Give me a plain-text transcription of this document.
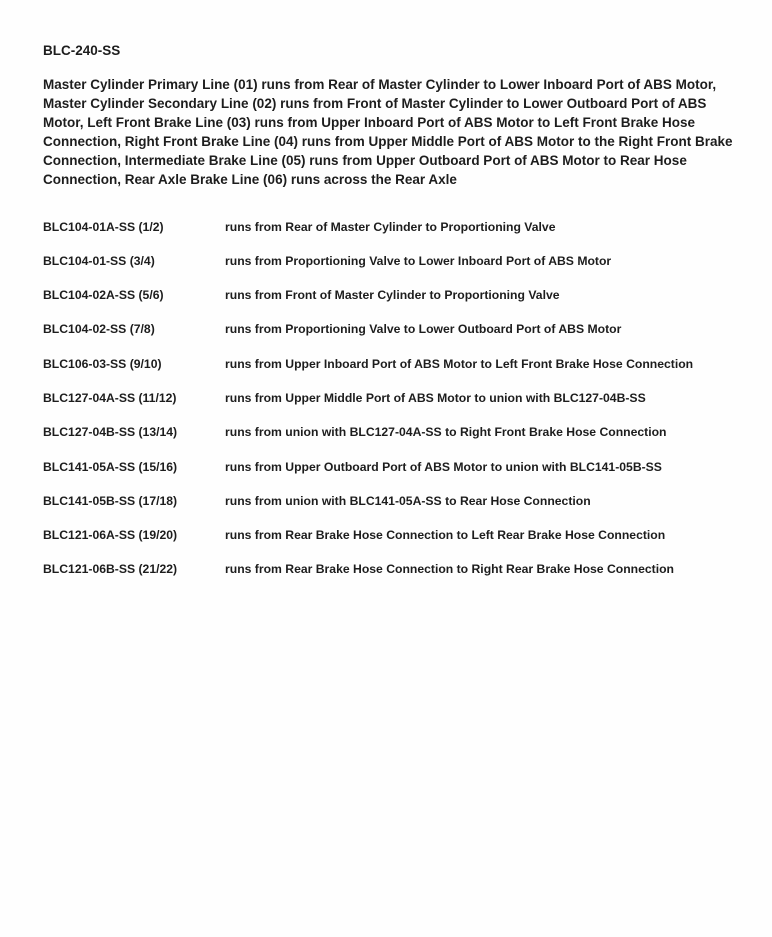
BLC-240-SS

Master Cylinder Primary Line (01) runs from Rear of Master Cylinder to Lower Inboard Port of ABS Motor, Master Cylinder Secondary Line (02) runs from Front of Master Cylinder to Lower Outboard Port of ABS Motor, Left Front Brake Line (03) runs from Upper Inboard Port of ABS Motor to Left Front Brake Hose Connection, Right Front Brake Line (04) runs from Upper Middle Port of ABS Motor to the Right Front Brake Connection, Intermediate Brake Line (05) runs from Upper Outboard Port of ABS Motor to Rear Hose Connection, Rear Axle Brake Line (06) runs across the Rear Axle

BLC104-01A-SS (1/2)	runs from Rear of Master Cylinder to Proportioning Valve
BLC104-01-SS (3/4)	runs from Proportioning Valve to Lower Inboard Port of ABS Motor
BLC104-02A-SS (5/6)	runs from Front of Master Cylinder to Proportioning Valve
BLC104-02-SS (7/8)	runs from Proportioning Valve to Lower Outboard Port of ABS Motor
BLC106-03-SS (9/10)	runs from Upper Inboard Port of ABS Motor to Left Front Brake Hose Connection
BLC127-04A-SS (11/12)	runs from Upper Middle Port of ABS Motor to union with BLC127-04B-SS
BLC127-04B-SS (13/14)	runs from union with BLC127-04A-SS to Right Front Brake Hose Connection
BLC141-05A-SS (15/16)	runs from Upper Outboard Port of ABS Motor to union with BLC141-05B-SS
BLC141-05B-SS (17/18)	runs from union with BLC141-05A-SS to Rear Hose Connection
BLC121-06A-SS (19/20)	runs from Rear Brake Hose Connection to Left Rear Brake Hose Connection
BLC121-06B-SS (21/22)	runs from Rear Brake Hose Connection to Right Rear Brake Hose Connection
